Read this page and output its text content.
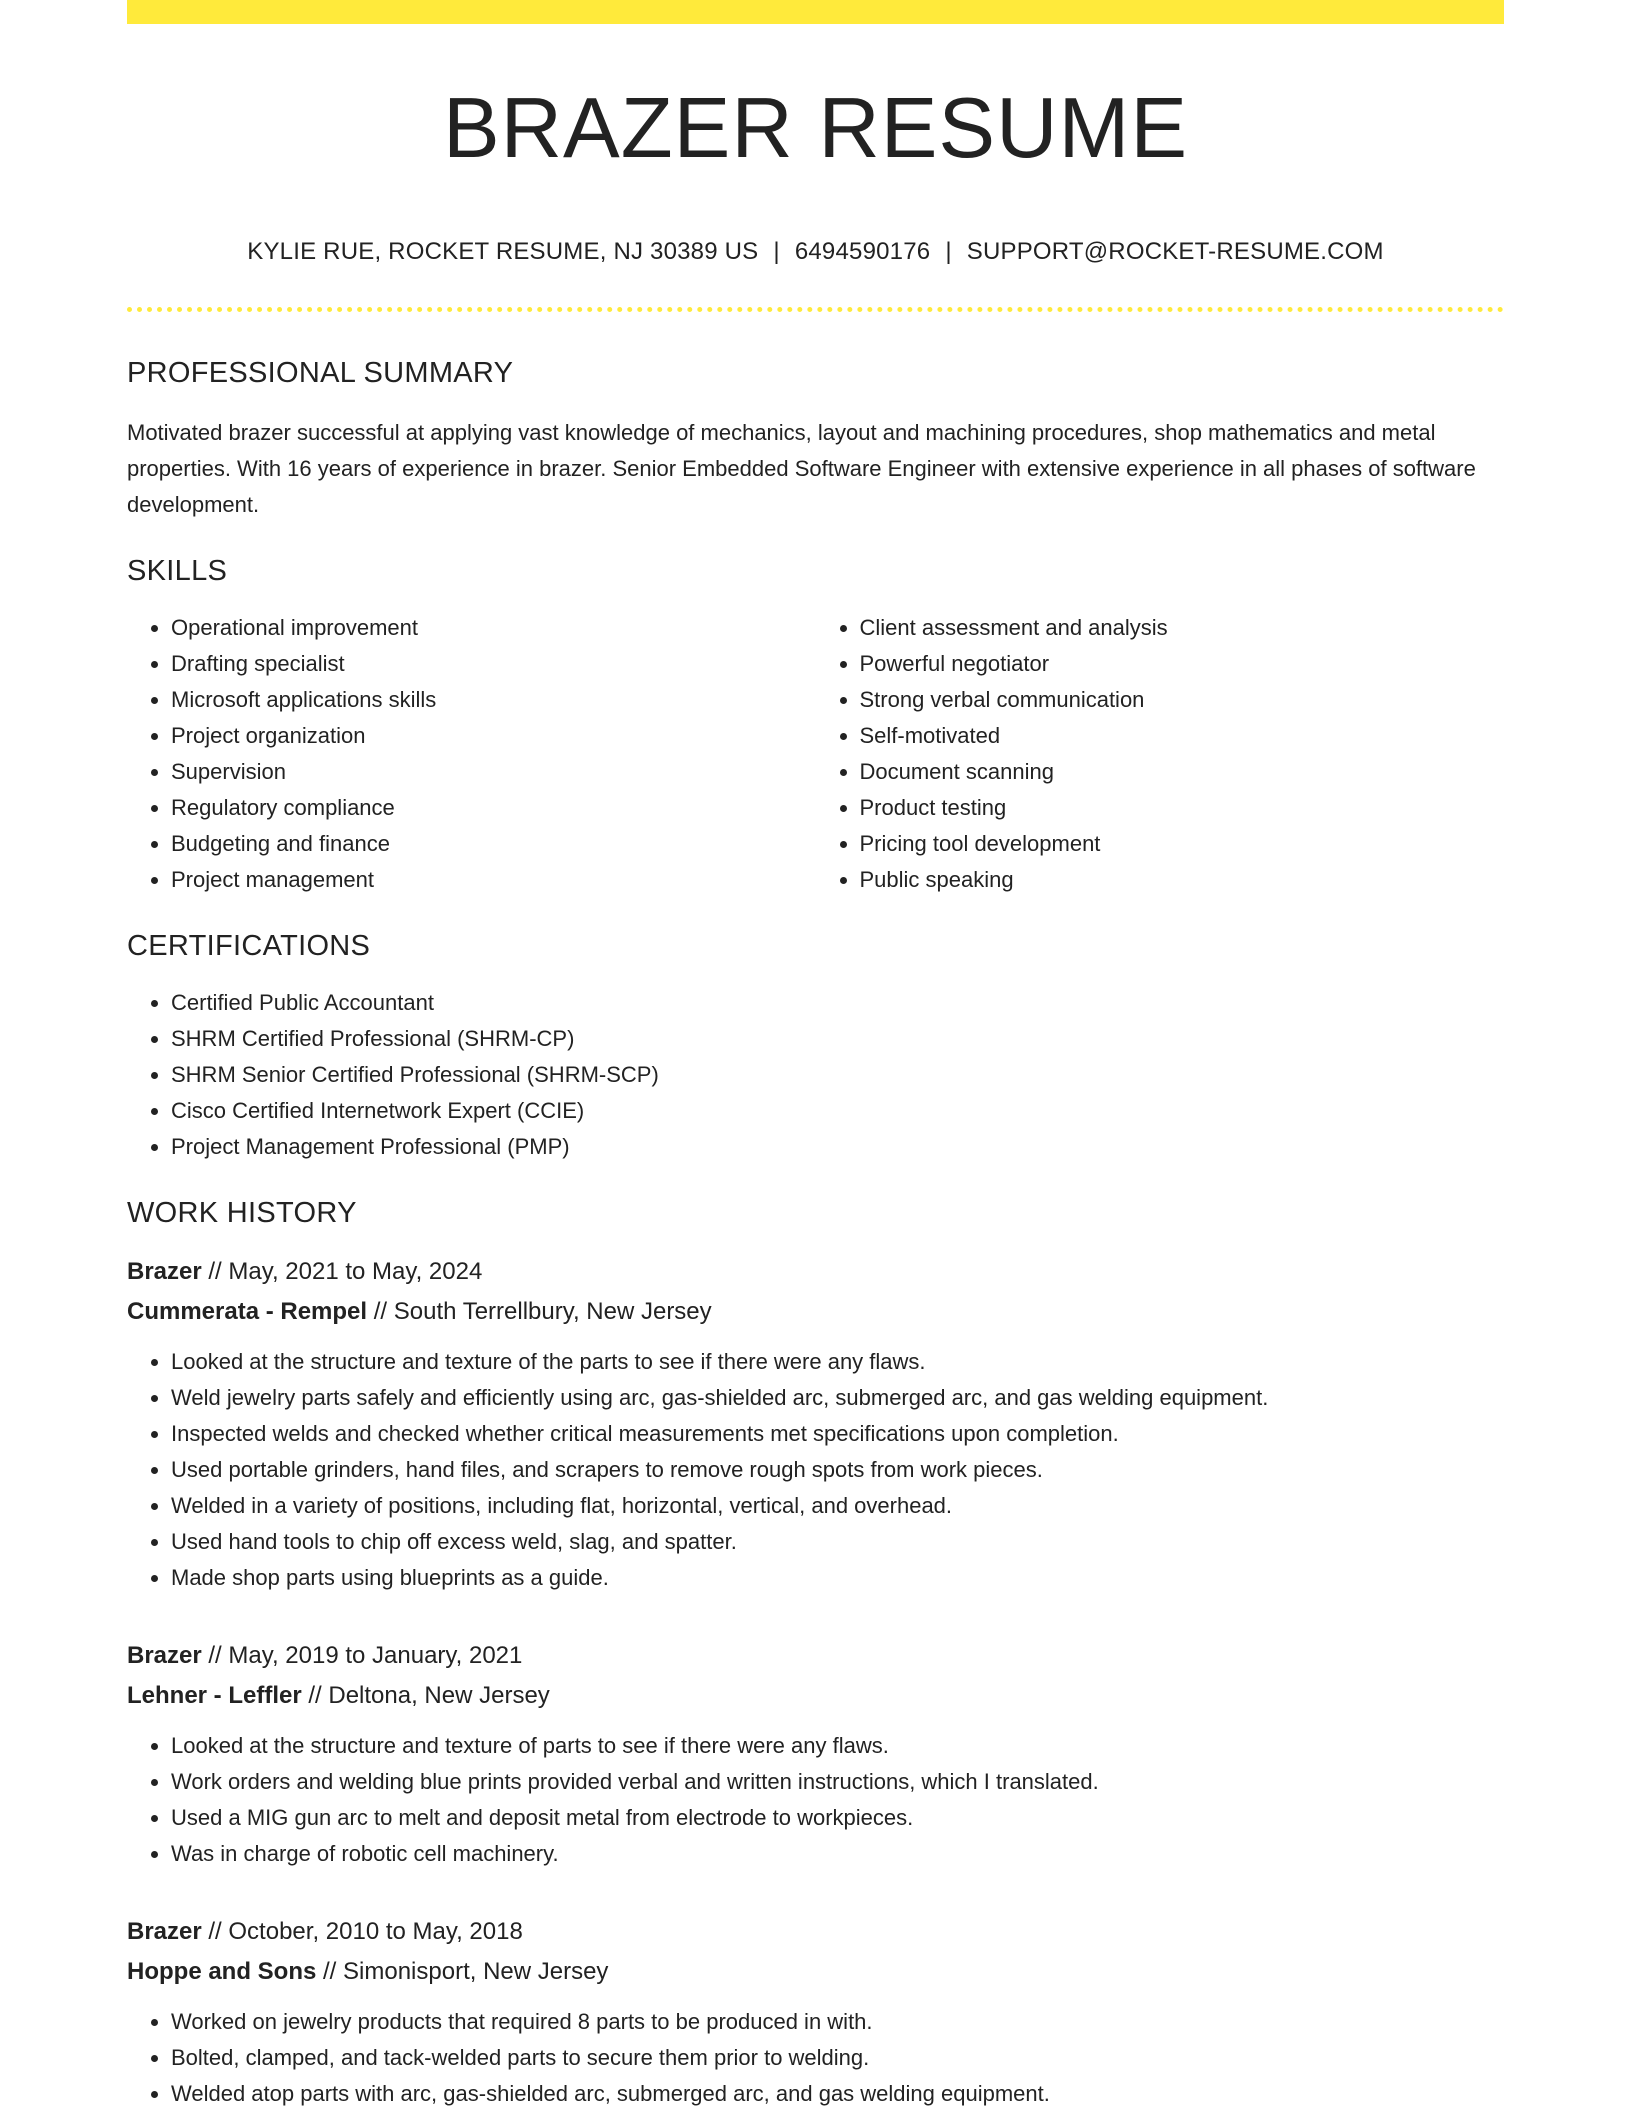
BRAZER RESUME
KYLIE RUE, ROCKET RESUME, NJ 30389 US | 6494590176 | SUPPORT@ROCKET-RESUME.COM
PROFESSIONAL SUMMARY
Motivated brazer successful at applying vast knowledge of mechanics, layout and machining procedures, shop mathematics and metal properties. With 16 years of experience in brazer. Senior Embedded Software Engineer with extensive experience in all phases of software development.
SKILLS
• Operational improvement
• Drafting specialist
• Microsoft applications skills
• Project organization
• Supervision
• Regulatory compliance
• Budgeting and finance
• Project management
• Client assessment and analysis
• Powerful negotiator
• Strong verbal communication
• Self-motivated
• Document scanning
• Product testing
• Pricing tool development
• Public speaking
CERTIFICATIONS
• Certified Public Accountant
• SHRM Certified Professional (SHRM-CP)
• SHRM Senior Certified Professional (SHRM-SCP)
• Cisco Certified Internetwork Expert (CCIE)
• Project Management Professional (PMP)
WORK HISTORY
Brazer // May, 2021 to May, 2024
Cummerata - Rempel // South Terrellbury, New Jersey
• Looked at the structure and texture of the parts to see if there were any flaws.
• Weld jewelry parts safely and efficiently using arc, gas-shielded arc, submerged arc, and gas welding equipment.
• Inspected welds and checked whether critical measurements met specifications upon completion.
• Used portable grinders, hand files, and scrapers to remove rough spots from work pieces.
• Welded in a variety of positions, including flat, horizontal, vertical, and overhead.
• Used hand tools to chip off excess weld, slag, and spatter.
• Made shop parts using blueprints as a guide.
Brazer // May, 2019 to January, 2021
Lehner - Leffler // Deltona, New Jersey
• Looked at the structure and texture of parts to see if there were any flaws.
• Work orders and welding blue prints provided verbal and written instructions, which I translated.
• Used a MIG gun arc to melt and deposit metal from electrode to workpieces.
• Was in charge of robotic cell machinery.
Brazer // October, 2010 to May, 2018
Hoppe and Sons // Simonisport, New Jersey
• Worked on jewelry products that required 8 parts to be produced in with.
• Bolted, clamped, and tack-welded parts to secure them prior to welding.
• Welded atop parts with arc, gas-shielded arc, submerged arc, and gas welding equipment.
